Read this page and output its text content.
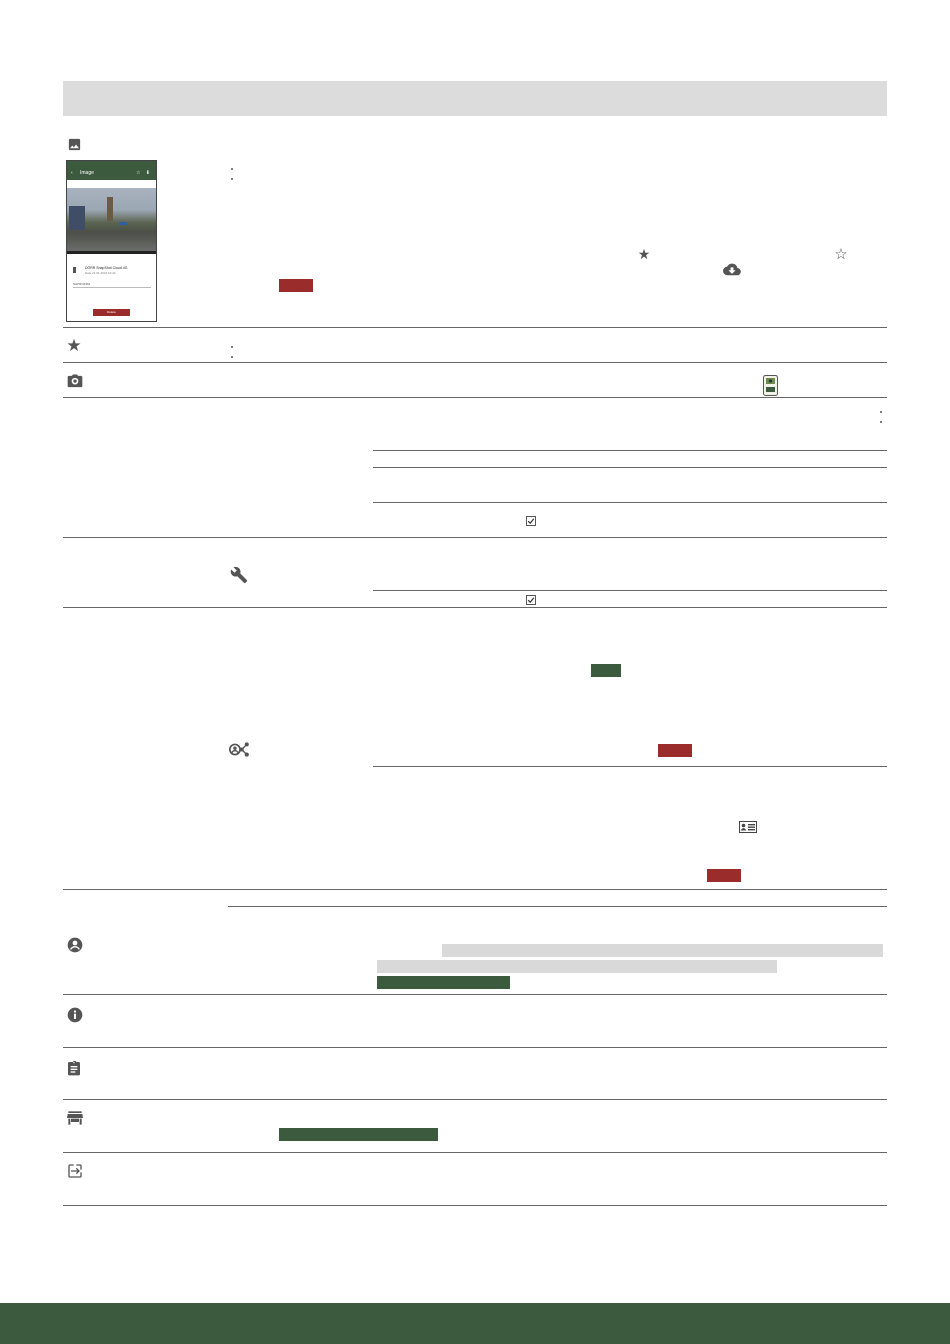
‹ Image	☆ ⬇
DÖRR SnapShot Cloud 4G
Date 21.01.2021 10:44
SHPRG6364
Delete
★	☆
★
